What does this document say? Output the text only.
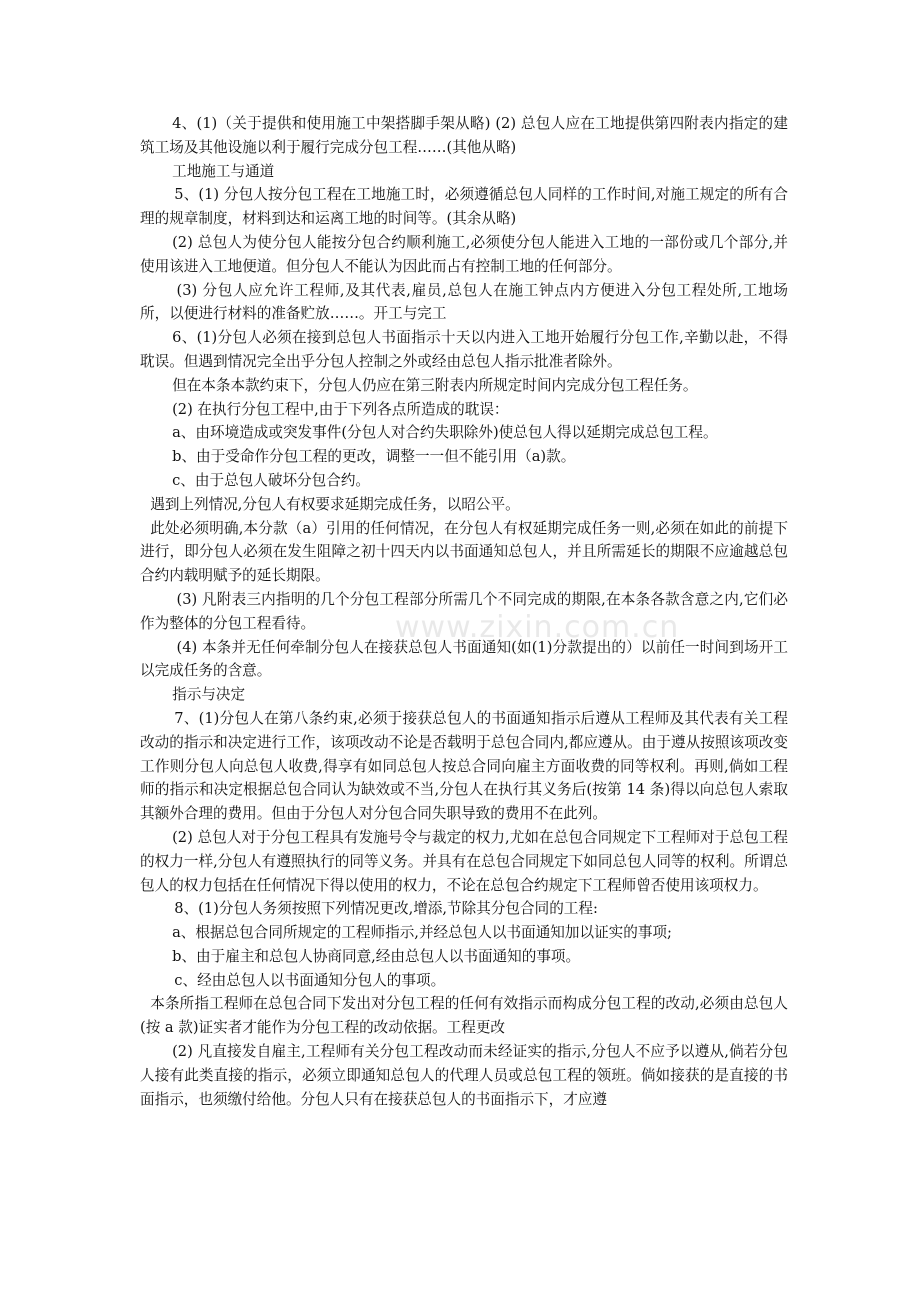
www.zixin.com.cn

4、(1)（关于提供和使用施工中架搭脚手架从略) (2) 总包人应在工地提供第四附表内指定的建筑工场及其他设施以利于履行完成分包工程……(其他从略)

工地施工与通道

5、(1) 分包人按分包工程在工地施工时，必须遵循总包人同样的工作时间,对施工规定的所有合理的规章制度，材料到达和运离工地的时间等。(其余从略)

(2) 总包人为使分包人能按分包合约顺利施工,必须使分包人能进入工地的一部份或几个部分,并使用该进入工地便道。但分包人不能认为因此而占有控制工地的任何部分。

(3) 分包人应允许工程师,及其代表,雇员,总包人在施工钟点内方便进入分包工程处所,工地场所，以便进行材料的准备贮放……。开工与完工

6、(1)分包人必须在接到总包人书面指示十天以内进入工地开始履行分包工作,辛勤以赴，不得耽误。但遇到情况完全出乎分包人控制之外或经由总包人指示批准者除外。

但在本条本款约束下，分包人仍应在第三附表内所规定时间内完成分包工程任务。

(2) 在执行分包工程中,由于下列各点所造成的耽误：

a、由环境造成或突发事件(分包人对合约失职除外)使总包人得以延期完成总包工程。

b、由于受命作分包工程的更改，调整一一但不能引用（a)款。

c、由于总包人破坏分包合约。

遇到上列情况,分包人有权要求延期完成任务，以昭公平。

此处必须明确,本分款（a）引用的任何情况，在分包人有权延期完成任务一则,必须在如此的前提下进行，即分包人必须在发生阻障之初十四天内以书面通知总包人，并且所需延长的期限不应逾越总包合约内载明赋予的延长期限。

(3) 凡附表三内指明的几个分包工程部分所需几个不同完成的期限,在本条各款含意之内,它们必作为整体的分包工程看待。

(4) 本条并无任何牵制分包人在接获总包人书面通知(如(1)分款提出的）以前任一时间到场开工以完成任务的含意。

指示与决定

7、(1)分包人在第八条约束,必须于接获总包人的书面通知指示后遵从工程师及其代表有关工程改动的指示和决定进行工作，该项改动不论是否载明于总包合同内,都应遵从。由于遵从按照该项改变工作则分包人向总包人收费,得享有如同总包人按总合同向雇主方面收费的同等权利。再则,倘如工程师的指示和决定根据总包合同认为缺效或不当,分包人在执行其义务后(按第 14 条)得以向总包人索取其额外合理的费用。但由于分包人对分包合同失职导致的费用不在此列。

(2) 总包人对于分包工程具有发施号令与裁定的权力,尤如在总包合同规定下工程师对于总包工程的权力一样,分包人有遵照执行的同等义务。并具有在总包合同规定下如同总包人同等的权利。所谓总包人的权力包括在任何情况下得以使用的权力，不论在总包合约规定下工程师曾否使用该项权力。

8、(1)分包人务须按照下列情况更改,增添,节除其分包合同的工程:

a、根据总包合同所规定的工程师指示,并经总包人以书面通知加以证实的事项;

b、由于雇主和总包人协商同意,经由总包人以书面通知的事项。

c、经由总包人以书面通知分包人的事项。

本条所指工程师在总包合同下发出对分包工程的任何有效指示而构成分包工程的改动,必须由总包人(按 a 款)证实者才能作为分包工程的改动依据。工程更改

(2) 凡直接发自雇主,工程师有关分包工程改动而未经证实的指示,分包人不应予以遵从,倘若分包人接有此类直接的指示，必须立即通知总包人的代理人员或总包工程的领班。倘如接获的是直接的书面指示，也须缴付给他。分包人只有在接获总包人的书面指示下，才应遵
